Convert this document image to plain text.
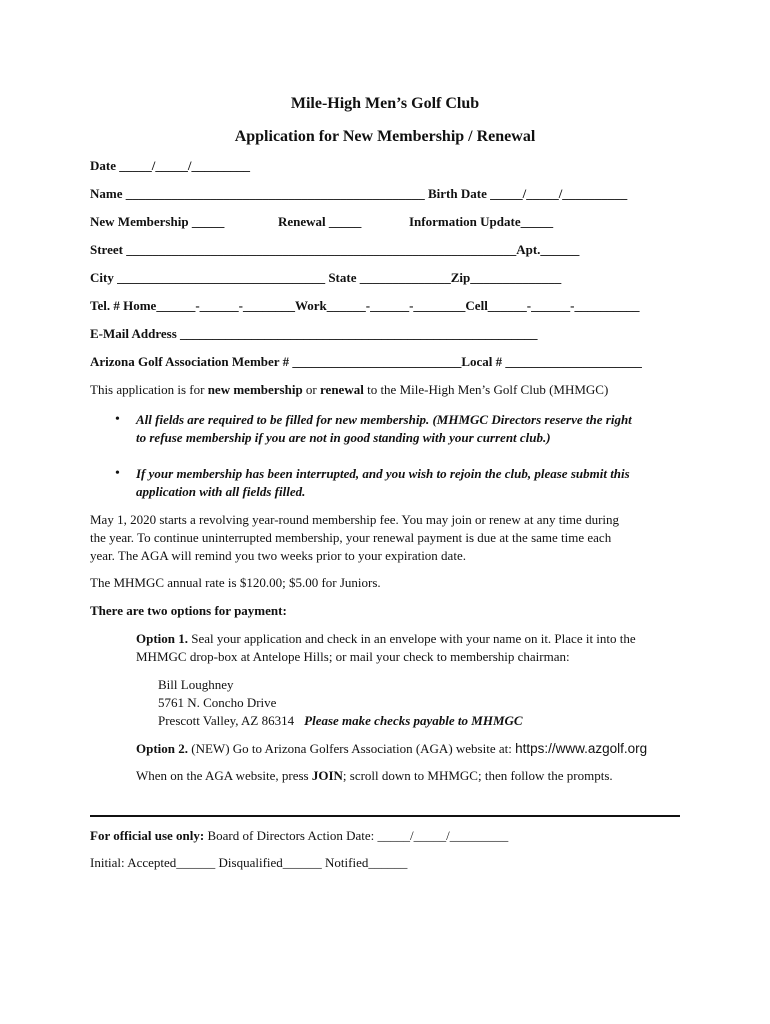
Mile-High Men’s Golf Club
Application for New Membership / Renewal
Date _____/_____/_________
Name ______________________________________________ Birth Date _____/_____/__________
New Membership _____	Renewal _____	Information Update_____
Street ____________________________________________________________Apt.______
City ________________________________ State ______________Zip______________
Tel. # Home______-______-________Work______-______-________Cell______-______-__________
E-Mail Address _______________________________________________________
Arizona Golf Association Member # __________________________Local # _____________________
This application is for new membership or renewal to the Mile-High Men’s Golf Club (MHMGC)
• All fields are required to be filled for new membership. (MHMGC Directors reserve the right
to refuse membership if you are not in good standing with your current club.)
• If your membership has been interrupted, and you wish to rejoin the club, please submit this
application with all fields filled.
May 1, 2020 starts a revolving year-round membership fee. You may join or renew at any time during
the year. To continue uninterrupted membership, your renewal payment is due at the same time each
year. The AGA will remind you two weeks prior to your expiration date.
The MHMGC annual rate is $120.00; $5.00 for Juniors.
There are two options for payment:
Option 1. Seal your application and check in an envelope with your name on it. Place it into the
MHMGC drop-box at Antelope Hills; or mail your check to membership chairman:
Bill Loughney
5761 N. Concho Drive
Prescott Valley, AZ 86314 Please make checks payable to MHMGC
Option 2. (NEW) Go to Arizona Golfers Association (AGA) website at: https://www.azgolf.org
When on the AGA website, press JOIN; scroll down to MHMGC; then follow the prompts.
For official use only: Board of Directors Action Date: _____/_____/_________
Initial: Accepted______ Disqualified______ Notified______
